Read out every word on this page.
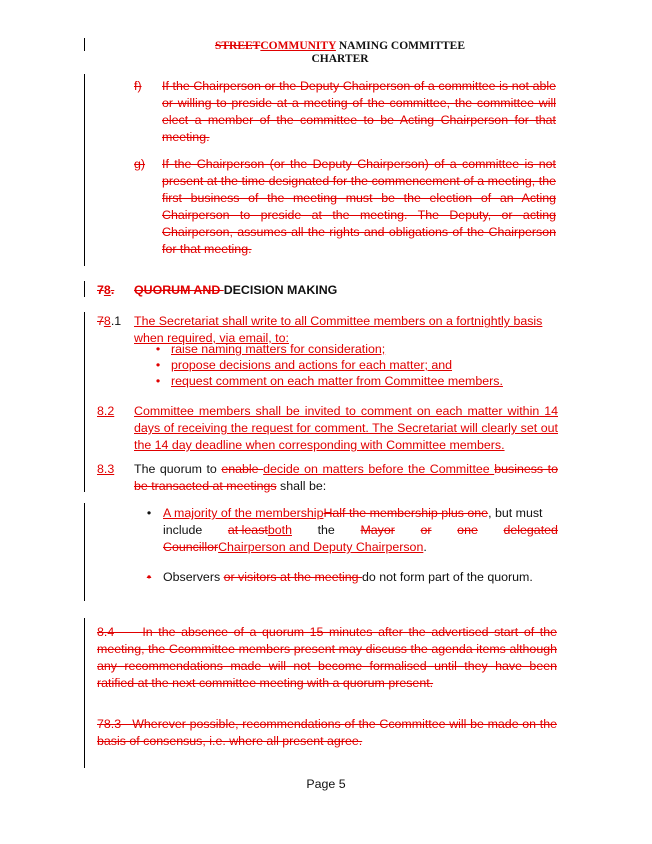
STREETCOMMUNITY NAMING COMMITTEE
CHARTER
f) If the Chairperson or the Deputy Chairperson of a committee is not able or willing to preside at a meeting of the committee, the committee will elect a member of the committee to be Acting Chairperson for that meeting.
g) If the Chairperson (or the Deputy Chairperson) of a committee is not present at the time designated for the commencement of a meeting, the first business of the meeting must be the election of an Acting Chairperson to preside at the meeting. The Deputy, or acting Chairperson, assumes all the rights and obligations of the Chairperson for that meeting.
78. QUORUM AND DECISION MAKING
78.1 The Secretariat shall write to all Committee members on a fortnightly basis when required, via email, to:
• raise naming matters for consideration;
• propose decisions and actions for each matter; and
• request comment on each matter from Committee members.
8.2 Committee members shall be invited to comment on each matter within 14 days of receiving the request for comment. The Secretariat will clearly set out the 14 day deadline when corresponding with Committee members.
8.3 The quorum to enable decide on matters before the Committee business to be transacted at meetings shall be:
• A majority of the membershipHalf the membership plus one, but must
include at leastboth the Mayor or one delegated
CouncillorChairperson and Deputy Chairperson.
• Observers or visitors at the meeting do not form part of the quorum.
8.4     In the absence of a quorum 15 minutes after the advertised start of the meeting, the Ccommittee members present may discuss the agenda items although any recommendations made will not become formalised until they have been ratified at the next committee meeting with a quorum present.
78.3   Wherever possible, recommendations of the Ccommittee will be made on the basis of consensus, i.e. where all present agree.
Page 5
